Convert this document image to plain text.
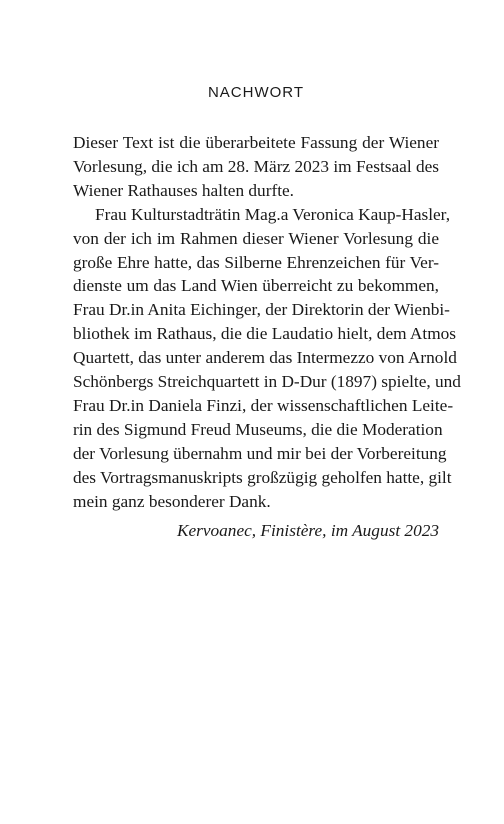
NACHWORT

Dieser Text ist die überarbeitete Fassung der Wiener
Vorlesung, die ich am 28. März 2023 im Festsaal des
Wiener Rathauses halten durfte.

Frau Kulturstadträtin Mag.a Veronica Kaup-Hasler,
von der ich im Rahmen dieser Wiener Vorlesung die
große Ehre hatte, das Silberne Ehrenzeichen für Ver-
dienste um das Land Wien überreicht zu bekommen,
Frau Dr.in Anita Eichinger, der Direktorin der Wienbi-
bliothek im Rathaus, die die Laudatio hielt, dem Atmos
Quartett, das unter anderem das Intermezzo von Arnold
Schönbergs Streichquartett in D-Dur (1897) spielte, und
Frau Dr.in Daniela Finzi, der wissenschaftlichen Leite-
rin des Sigmund Freud Museums, die die Moderation
der Vorlesung übernahm und mir bei der Vorbereitung
des Vortragsmanuskripts großzügig geholfen hatte, gilt
mein ganz besonderer Dank.

Kervoanec, Finistère, im August 2023
